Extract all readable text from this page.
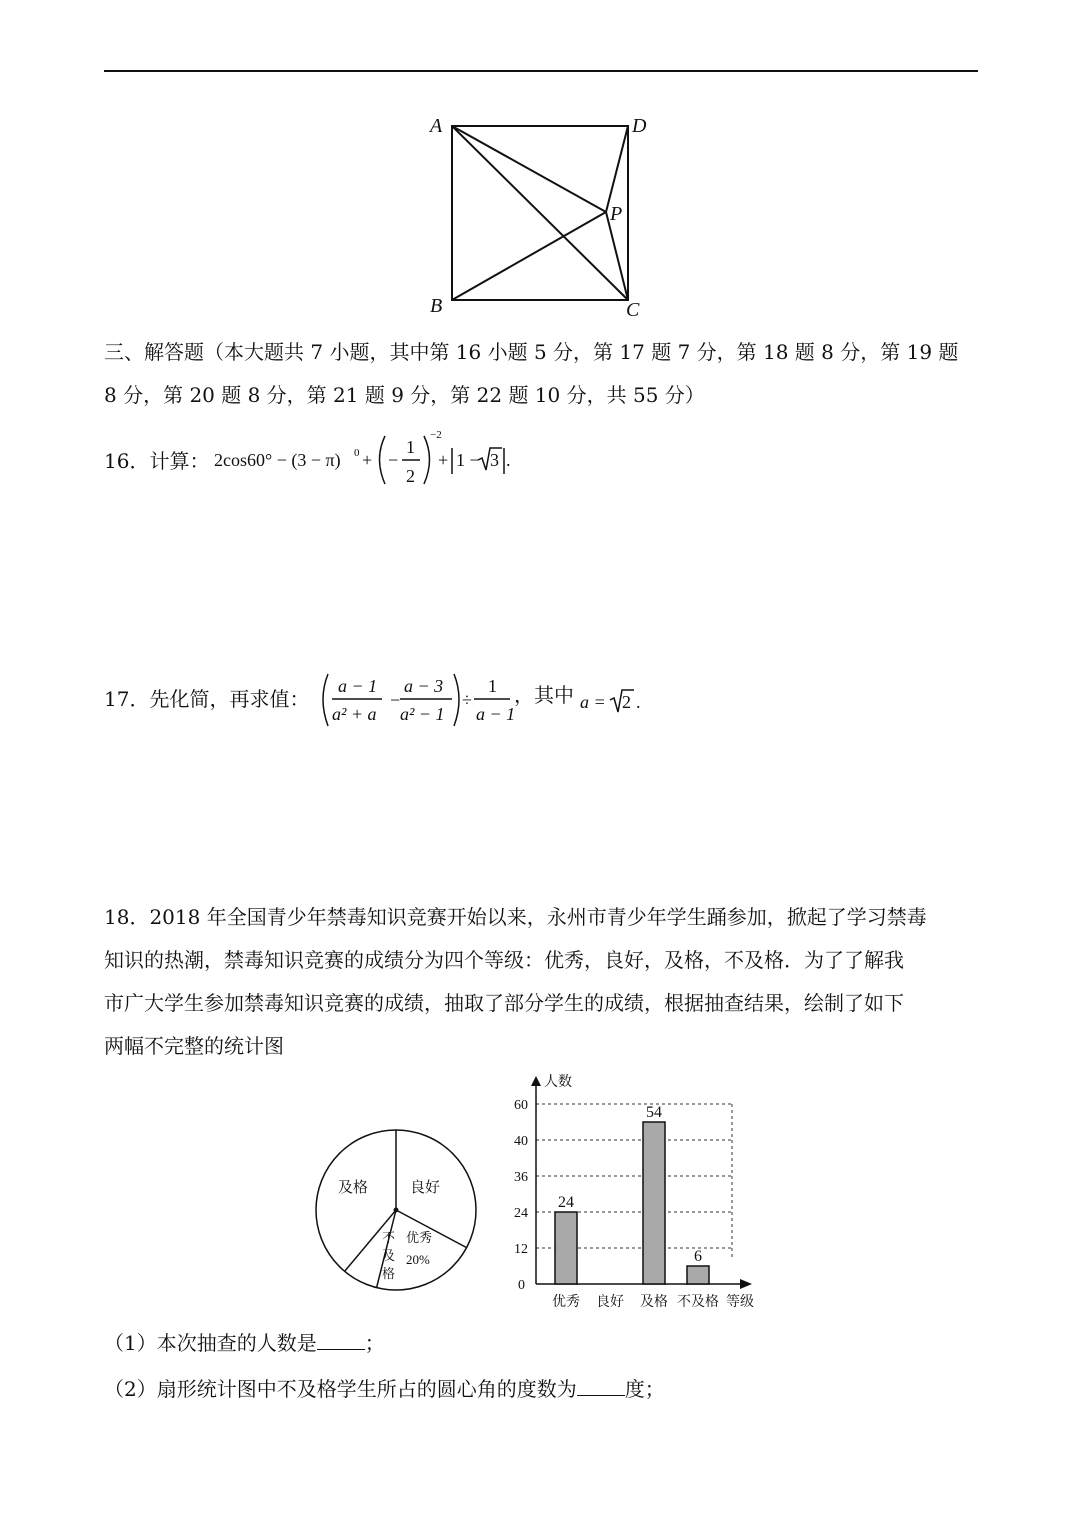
A	D
P
B	C
三、解答题（本大题共 7 小题，其中第 16 小题 5 分，第 17 题 7 分，第 18 题 8 分，第 19 题
8 分，第 20 题 8 分，第 21 题 9 分，第 22 题 10 分，共 55 分）
16．计算： 2cos60° − (3 − π) 0 + −
1
2
−2
+ 1 − 3 .
17．先化简，再求值：
a − 1
a² + a
−
a − 3
a² − 1
÷
1
a − 1
，其中 a = 2 .
18．2018 年全国青少年禁毒知识竞赛开始以来，永州市青少年学生踊参加，掀起了学习禁毒
知识的热潮，禁毒知识竞赛的成绩分为四个等级：优秀，良好，及格，不及格．为了了解我
市广大学生参加禁毒知识竞赛的成绩，抽取了部分学生的成绩，根据抽查结果，绘制了如下
两幅不完整的统计图
及格	良好
优秀
20%
不
及
格
人数
等级
0
12
24
36
40
60
24
54
6
优秀 良好 及格 不及格
（1）本次抽查的人数是 ；
（2）扇形统计图中不及格学生所占的圆心角的度数为 度；
